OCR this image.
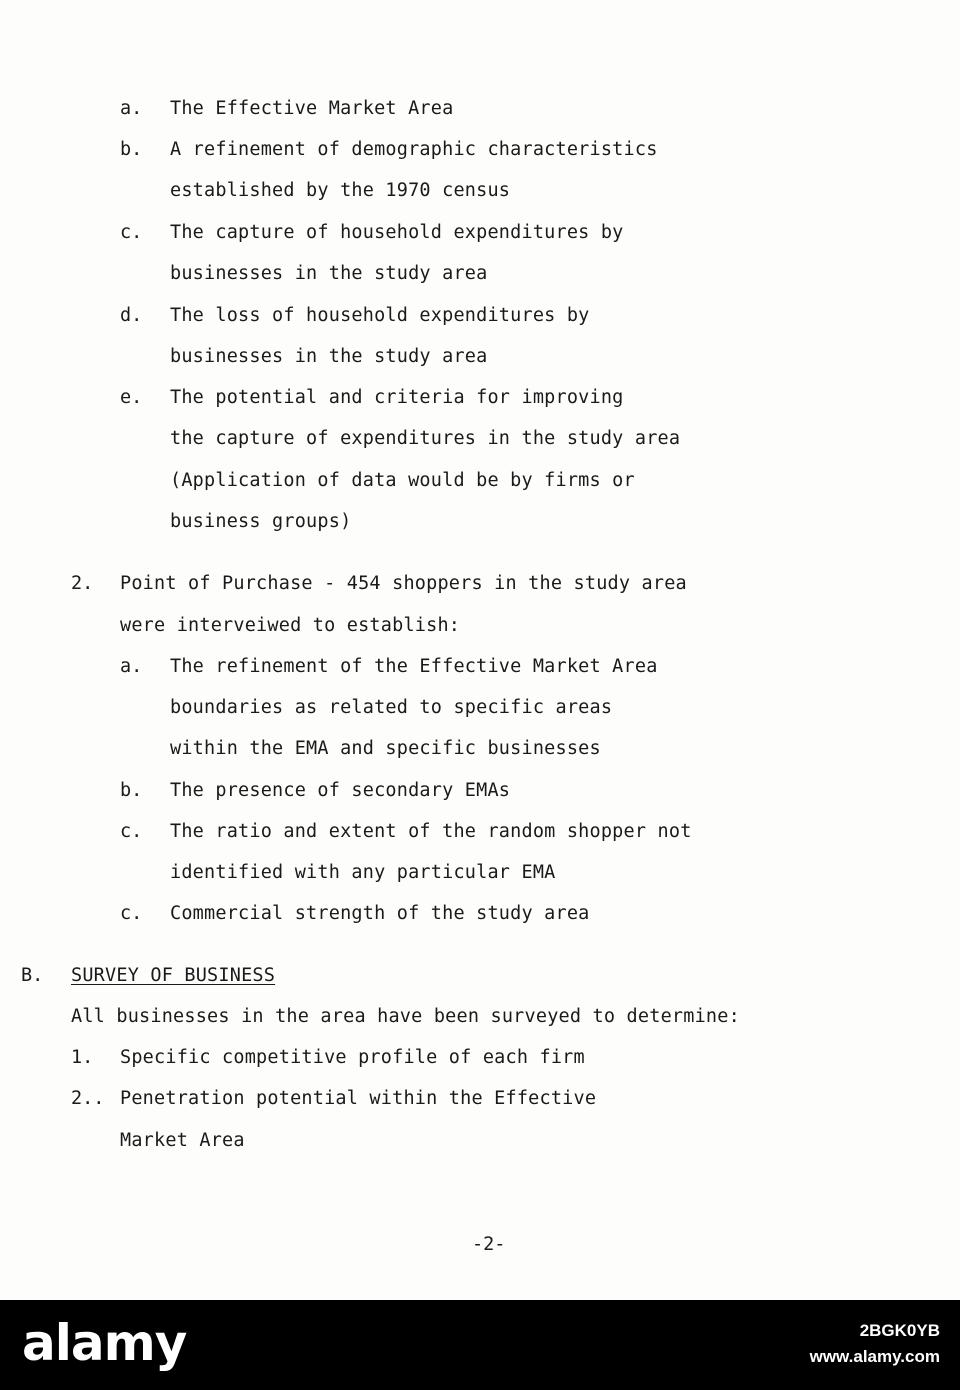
a. The Effective Market Area
b. A refinement of demographic characteristics
established by the 1970 census
c. The capture of household expenditures by
businesses in the study area
d. The loss of household expenditures by
businesses in the study area
e. The potential and criteria for improving
the capture of expenditures in the study area
(Application of data would be by firms or
business groups)
2. Point of Purchase - 454 shoppers in the study area
were interveiwed to establish:
a. The refinement of the Effective Market Area
boundaries as related to specific areas
within the EMA and specific businesses
b. The presence of secondary EMAs
c. The ratio and extent of the random shopper not
identified with any particular EMA
c. Commercial strength of the study area
B. SURVEY OF BUSINESS
All businesses in the area have been surveyed to determine:
1. Specific competitive profile of each firm
2.. Penetration potential within the Effective
Market Area
-2-
alamy	2BGK0YB
www.alamy.com
